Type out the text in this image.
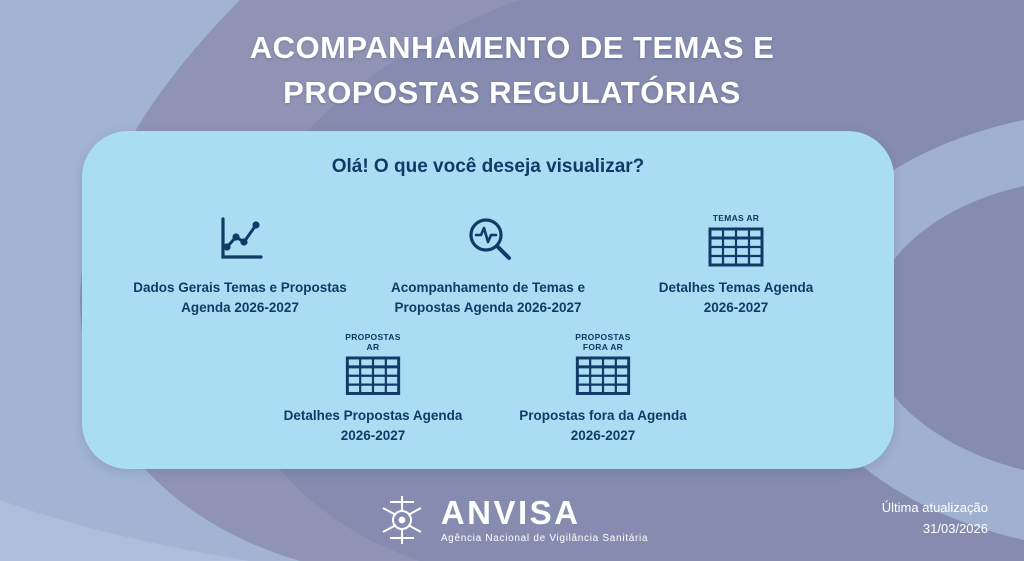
ACOMPANHAMENTO DE TEMAS E
PROPOSTAS REGULATÓRIAS
Olá! O que você deseja visualizar?
Dados Gerais Temas e Propostas
Agenda 2026-2027
Acompanhamento de Temas e
Propostas Agenda 2026-2027
TEMAS AR
Detalhes Temas Agenda
2026-2027
PROPOSTAS
AR
Detalhes Propostas Agenda
2026-2027
PROPOSTAS
FORA AR
Propostas fora da Agenda
2026-2027
ANVISA
Agência Nacional de Vigilância Sanitária
Última atualização
31/03/2026
